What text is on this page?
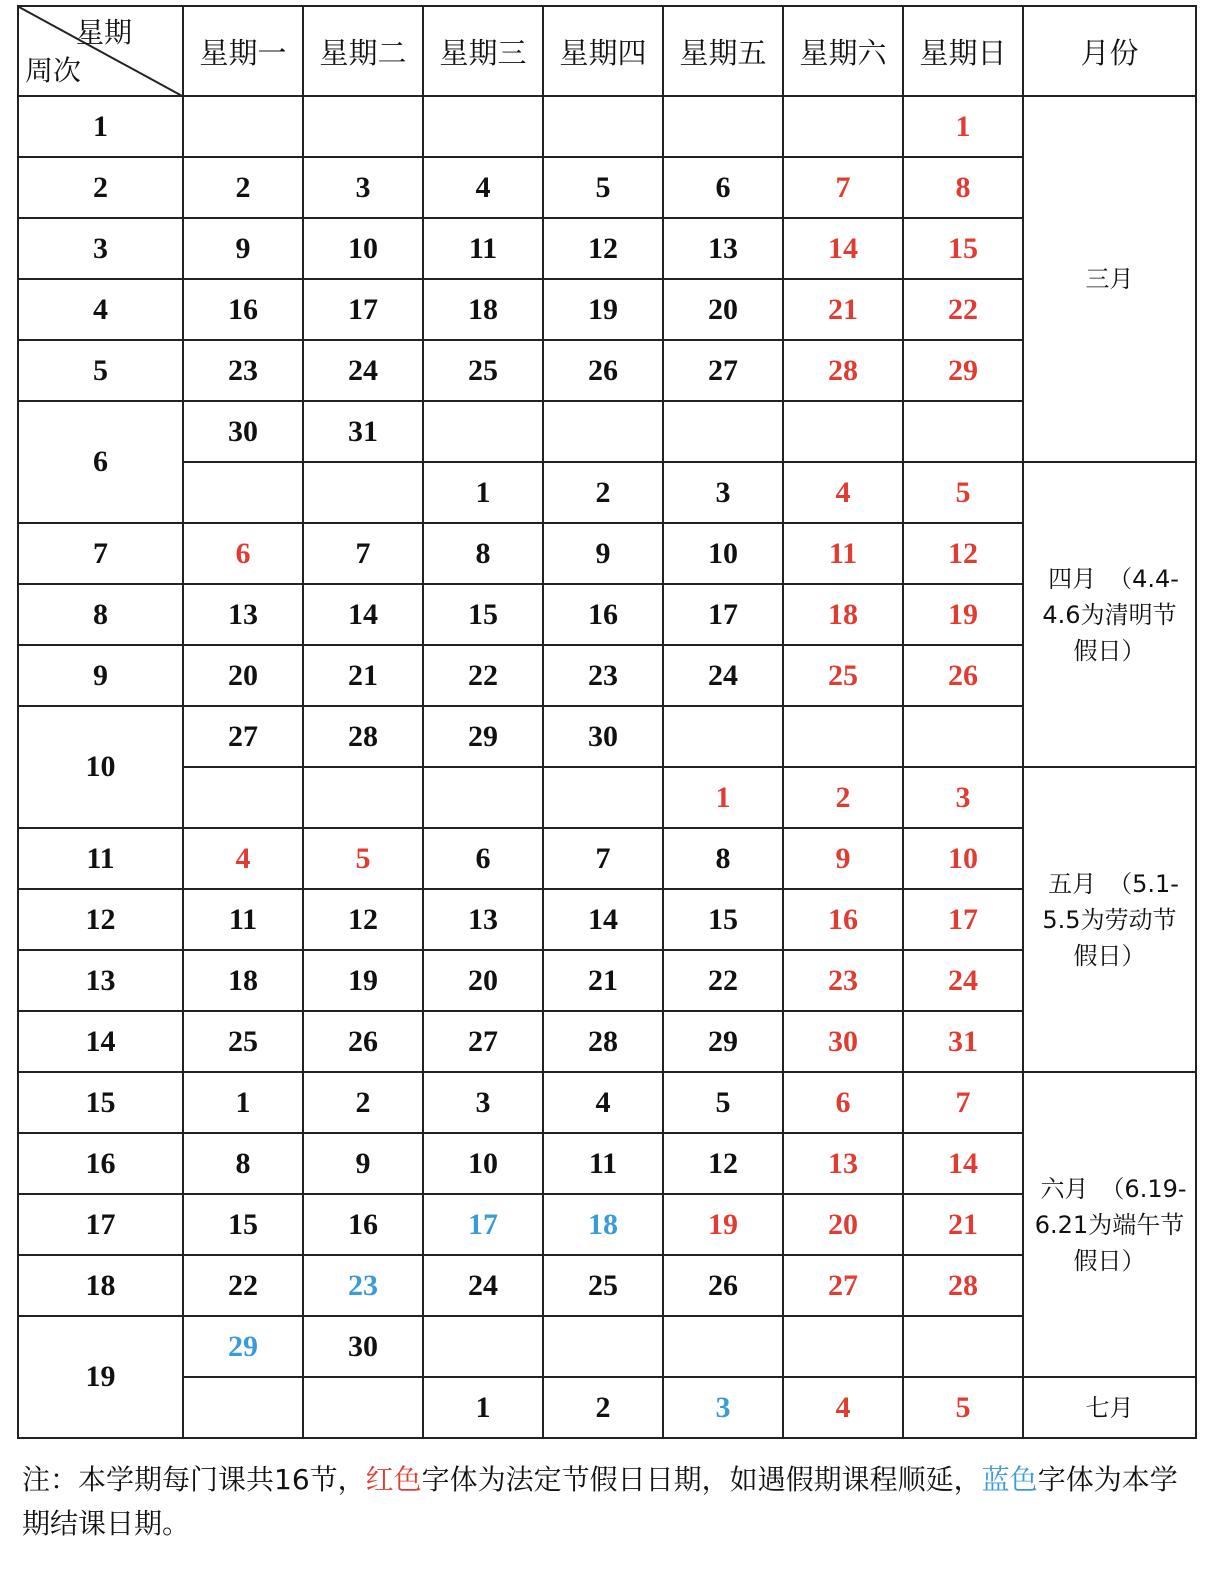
星期
周次	星期一	星期二	星期三	星期四	星期五	星期六	星期日	月份
1							1	三月
2	2	3	4	5	6	7	8	
3	9	10	11	12	13	14	15	
4	16	17	18	19	20	21	22	
5	23	24	25	26	27	28	29	
6	30	31						
			1	2	3	4	5	四月　（4.4-
4.6为清明节
假日）

7	6	7	8	9	10	11	12	
8	13	14	15	16	17	18	19	
9	20	21	22	23	24	25	26	
10	27	28	29	30				
					1	2	3	五月　（5.1-
5.5为劳动节
假日）

11	4	5	6	7	8	9	10	
12	11	12	13	14	15	16	17	
13	18	19	20	21	22	23	24	
14	25	26	27	28	29	30	31	
15	1	2	3	4	5	6	7	六月　（6.19-
6.21为端午节
假日）

16	8	9	10	11	12	13	14	
17	15	16	17	18	19	20	21	
18	22	23	24	25	26	27	28	
19	29	30						
			1	2	3	4	5	七月
注：本学期每门课共16节，红色字体为法定节假日日期，如遇假期课程顺延，蓝色字体为本学期结课日期。
